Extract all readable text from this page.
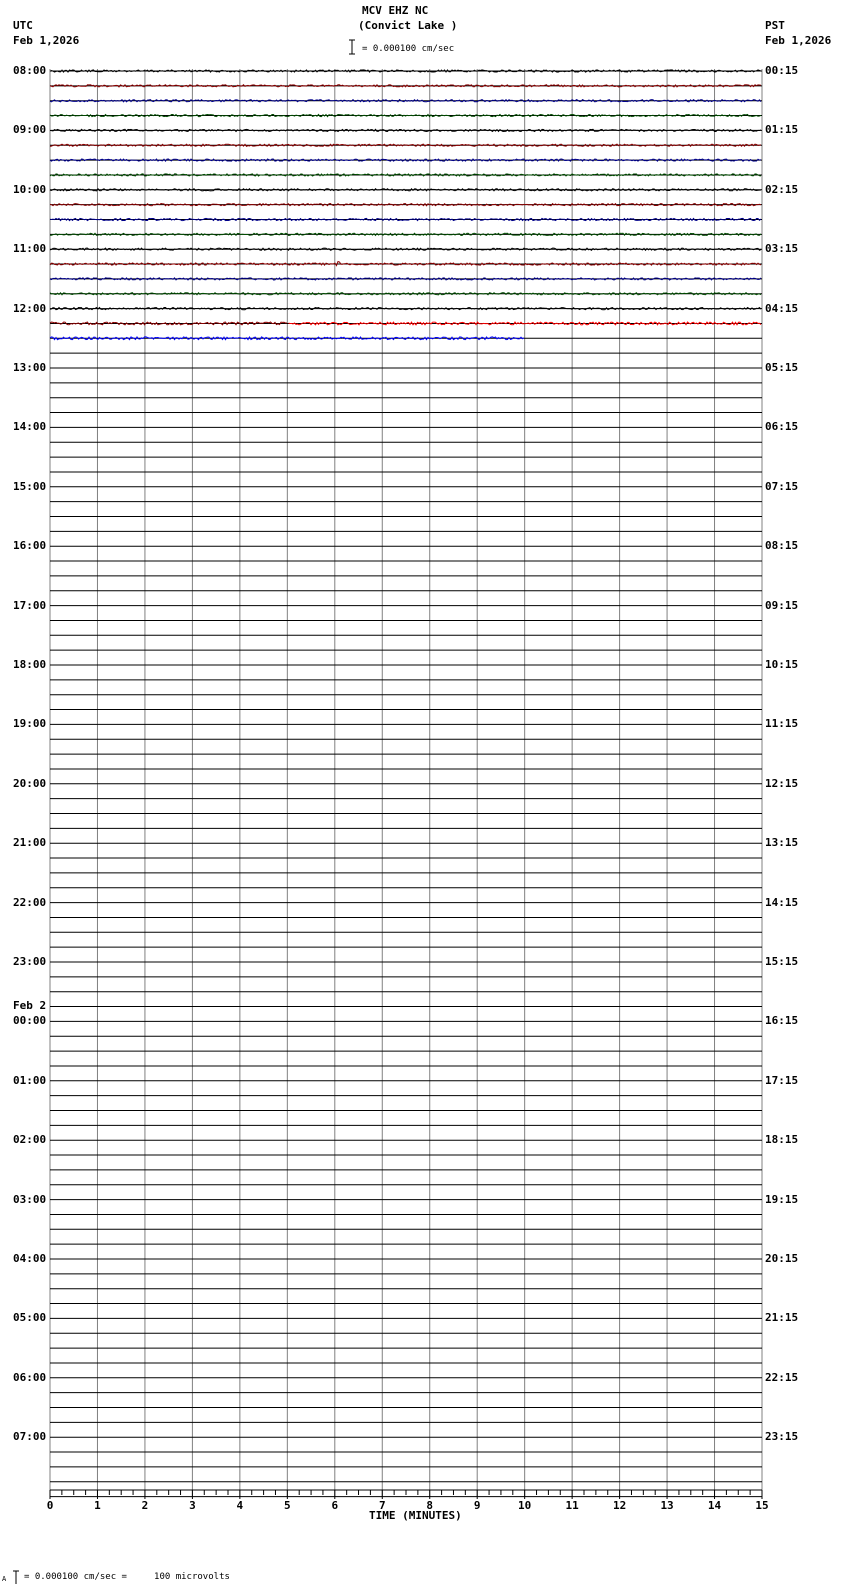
0	1	2	3	4	5	6	7	8	9	10	11	12	13	14	15

MCV EHZ NC

(Convict Lake )

= 0.000100 cm/sec

UTC

Feb 1,2026

PST

Feb 1,2026

08:00

09:00

10:00

11:00

12:00

13:00

14:00

15:00

16:00

17:00

18:00

19:00

20:00

21:00

22:00

23:00

00:00

01:00

02:00

03:00

04:00

05:00

06:00

07:00

00:15

01:15

02:15

03:15

04:15

05:15

06:15

07:15

08:15

09:15

10:15

11:15

12:15

13:15

14:15

15:15

16:15

17:15

18:15

19:15

20:15

21:15

22:15

23:15

Feb 2

TIME (MINUTES)

A = 0.000100 cm/sec =     100 microvolts
